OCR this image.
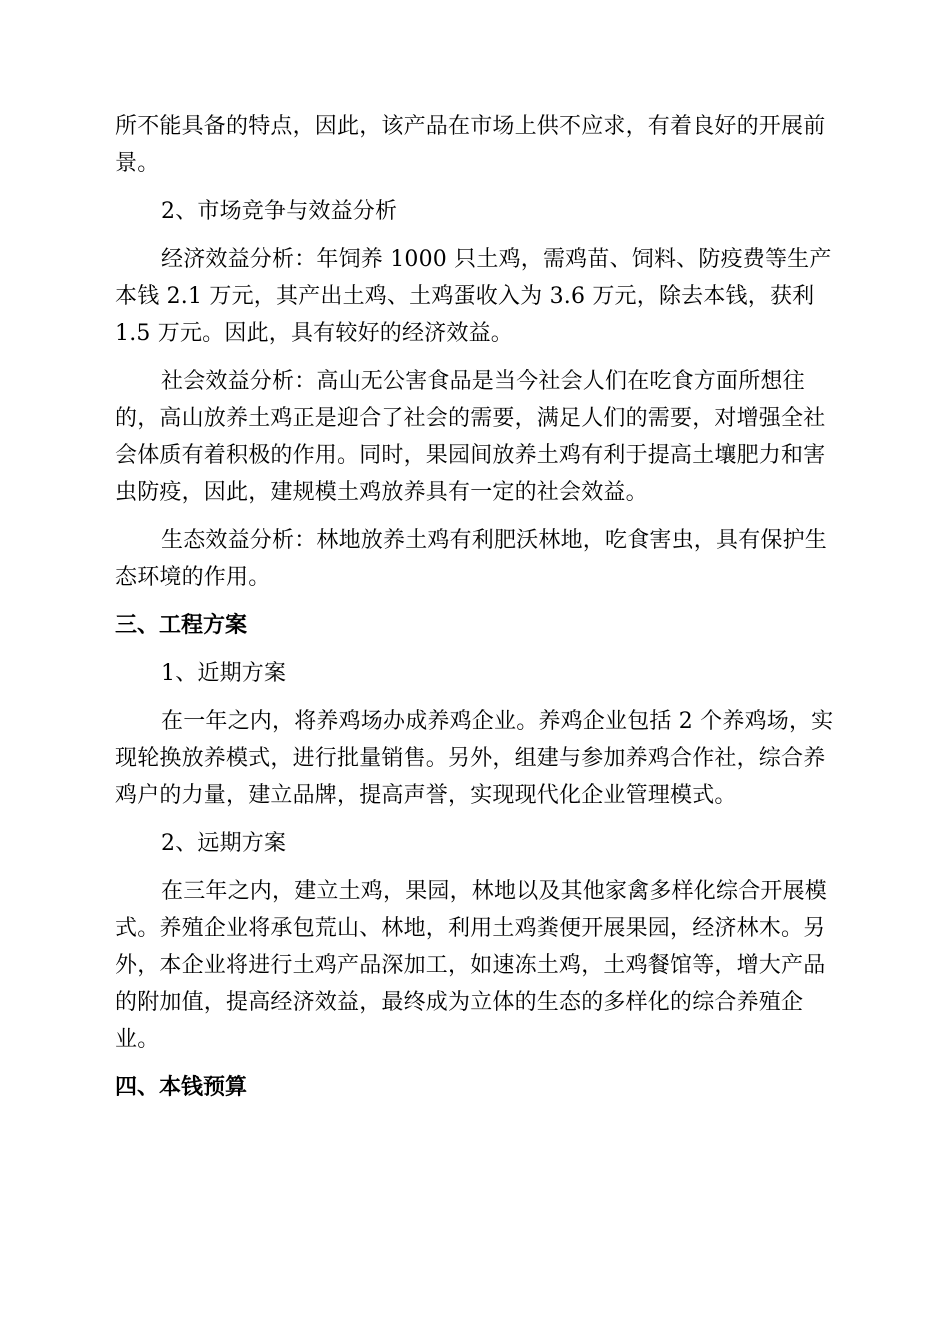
所不能具备的特点，因此，该产品在市场上供不应求，有着良好的开展前
景。
2、市场竞争与效益分析
经济效益分析：年饲养 1000 只土鸡，需鸡苗、饲料、防疫费等生产
本钱 2.1 万元，其产出土鸡、土鸡蛋收入为 3.6 万元，除去本钱，获利
1.5 万元。因此，具有较好的经济效益。
社会效益分析：高山无公害食品是当今社会人们在吃食方面所想往
的，高山放养土鸡正是迎合了社会的需要，满足人们的需要，对增强全社
会体质有着积极的作用。同时，果园间放养土鸡有利于提高土壤肥力和害
虫防疫，因此，建规模土鸡放养具有一定的社会效益。
生态效益分析：林地放养土鸡有利肥沃林地，吃食害虫，具有保护生
态环境的作用。
三、工程方案
1、近期方案
在一年之内，将养鸡场办成养鸡企业。养鸡企业包括 2 个养鸡场，实
现轮换放养模式，进行批量销售。另外，组建与参加养鸡合作社，综合养
鸡户的力量，建立品牌，提高声誉，实现现代化企业管理模式。
2、远期方案
在三年之内，建立土鸡，果园，林地以及其他家禽多样化综合开展模
式。养殖企业将承包荒山、林地，利用土鸡粪便开展果园，经济林木。另
外，本企业将进行土鸡产品深加工，如速冻土鸡，土鸡餐馆等，增大产品
的附加值，提高经济效益，最终成为立体的生态的多样化的综合养殖企
业。
四、本钱预算
